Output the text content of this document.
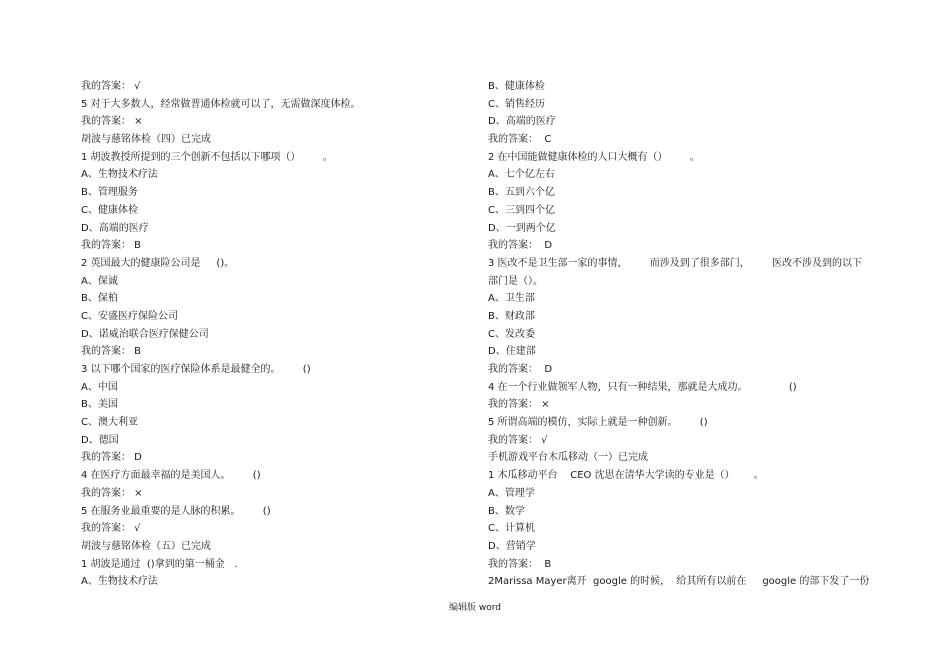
我的答案： √
5 对于大多数人，经常做普通体检就可以了，无需做深度体检。
我的答案： ×
胡波与慈铭体检（四）已完成
1 胡波教授所提到的三个创新不包括以下哪项（）       。
A、生物技术疗法
B、管理服务
C、健康体检
D、高端的医疗
我的答案： B
2 英国最大的健康险公司是     ()。
A、保诚
B、保柏
C、安盛医疗保险公司
D、诺威治联合医疗保健公司
我的答案： B
3 以下哪个国家的医疗保险体系是最健全的。       ()
A、中国
B、美国
C、澳大利亚
D、德国
我的答案： D
4 在医疗方面最幸福的是美国人。       ()
我的答案： ×
5 在服务业最重要的是人脉的积累。       ()
我的答案： √
胡波与慈铭体检（五）已完成
1 胡波是通过  ()拿到的第一桶金   .
A、生物技术疗法
B、健康体检
C、销售经历
D、高端的医疗
我的答案：  C
2 在中国能做健康体检的人口大概有（）       。
A、七个亿左右
B、五到六个亿
C、三到四个亿
D、一到两个亿
我的答案：  D
3 医改不是卫生部一家的事情，       而涉及到了很多部门，       医改不涉及到的以下
部门是（）。
A、卫生部
B、财政部
C、发改委
D、住建部
我的答案：  D
4 在一个行业做领军人物，只有一种结果，那就是大成功。             ()
我的答案： ×
5 所谓高端的模仿，实际上就是一种创新。       ()
我的答案： √
手机游戏平台木瓜移动（一）已完成
1 木瓜移动平台    CEO 沈思在清华大学读的专业是（）      。
A、管理学
B、数学
C、计算机
D、营销学
我的答案：  B
2Marissa Mayer离开  google 的时候，  给其所有以前在     google 的部下发了一份
编辑版 word
